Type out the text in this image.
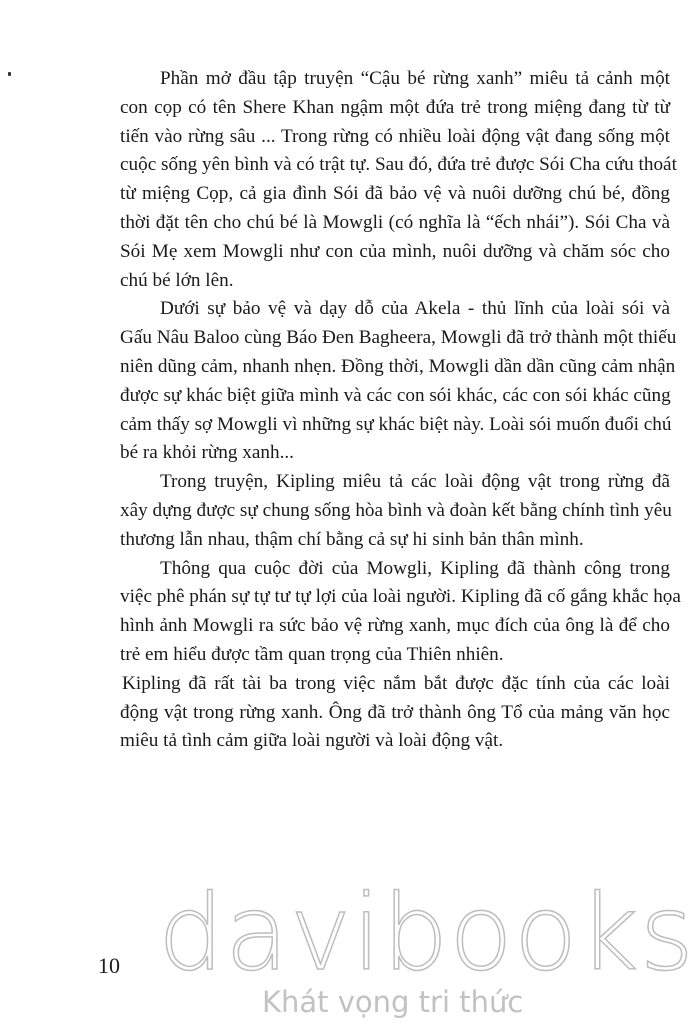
Phần mở đầu tập truyện “Cậu bé rừng xanh” miêu tả cảnh một
con cọp có tên Shere Khan ngậm một đứa trẻ trong miệng đang từ từ
tiến vào rừng sâu ... Trong rừng có nhiều loài động vật đang sống một
cuộc sống yên bình và có trật tự. Sau đó, đứa trẻ được Sói Cha cứu thoát
từ miệng Cọp, cả gia đình Sói đã bảo vệ và nuôi dưỡng chú bé, đồng
thời đặt tên cho chú bé là Mowgli (có nghĩa là “ếch nhái”). Sói Cha và
Sói Mẹ xem Mowgli như con của mình, nuôi dưỡng và chăm sóc cho
chú bé lớn lên.
Dưới sự bảo vệ và dạy dỗ của Akela - thủ lĩnh của loài sói và
Gấu Nâu Baloo cùng Báo Đen Bagheera, Mowgli đã trở thành một thiếu
niên dũng cảm, nhanh nhẹn. Đồng thời, Mowgli dần dần cũng cảm nhận
được sự khác biệt giữa mình và các con sói khác, các con sói khác cũng
cảm thấy sợ Mowgli vì những sự khác biệt này. Loài sói muốn đuổi chú
bé ra khỏi rừng xanh...
Trong truyện, Kipling miêu tả các loài động vật trong rừng đã
xây dựng được sự chung sống hòa bình và đoàn kết bằng chính tình yêu
thương lẫn nhau, thậm chí bằng cả sự hi sinh bản thân mình.
Thông qua cuộc đời của Mowgli, Kipling đã thành công trong
việc phê phán sự tự tư tự lợi của loài người. Kipling đã cố gắng khắc họa
hình ảnh Mowgli ra sức bảo vệ rừng xanh, mục đích của ông là để cho
trẻ em hiểu được tầm quan trọng của Thiên nhiên.
Kipling đã rất tài ba trong việc nắm bắt được đặc tính của các loài
động vật trong rừng xanh. Ông đã trở thành ông Tổ của mảng văn học
miêu tả tình cảm giữa loài người và loài động vật.
10 davibooks
Khát vọng tri thức
